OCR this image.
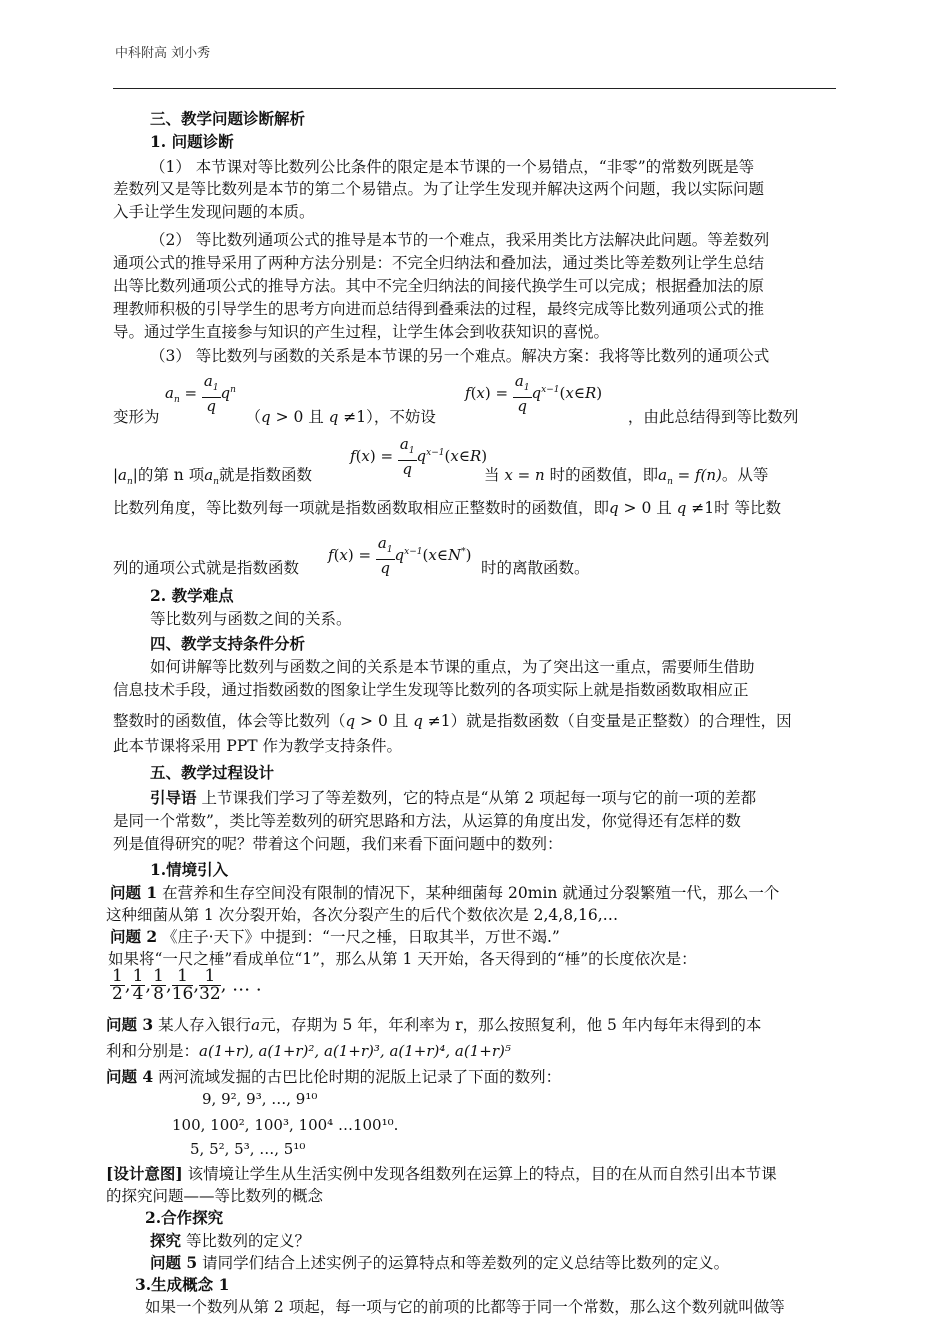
中科附高 刘小秀
三、教学问题诊断解析
1. 问题诊断
（1） 本节课对等比数列公比条件的限定是本节课的一个易错点，“非零”的常数列既是等
差数列又是等比数列是本节的第二个易错点。为了让学生发现并解决这两个问题，我以实际问题
入手让学生发现问题的本质。
（2） 等比数列通项公式的推导是本节的一个难点，我采用类比方法解决此问题。等差数列
通项公式的推导采用了两种方法分别是：不完全归纳法和叠加法，通过类比等差数列让学生总结
出等比数列通项公式的推导方法。其中不完全归纳法的间接代换学生可以完成；根据叠加法的原
理教师积极的引导学生的思考方向进而总结得到叠乘法的过程，最终完成等比数列通项公式的推
导。通过学生直接参与知识的产生过程，让学生体会到收获知识的喜悦。
（3） 等比数列与函数的关系是本节课的另一个难点。解决方案：我将等比数列的通项公式
$a_n = \frac{a_1}{q} q^n$	$f(x) = \frac{a_1}{q}$ $q^{x-1}(x\in R)$
变形为	（q > 0 且 q ≠1），不妨设	，由此总结得到等比数列
$f(x) = \frac{a_1}{q}$ $q^{x-1}(x\in R)$
$|a_n|$的第 n 项$a_n$就是指数函数	当 x = n 时的函数值，即$a_n = f(n)$。从等
比数列角度，等比数列每一项就是指数函数取相应正整数时的函数值，即q > 0 且 q ≠1时 等比数
$f(x) = \frac{a_1}{q}$ $q^{x-1}(x\in N^*)$
列的通项公式就是指数函数	时的离散函数。
2. 教学难点
等比数列与函数之间的关系。
四、教学支持条件分析
如何讲解等比数列与函数之间的关系是本节课的重点，为了突出这一重点，需要师生借助
信息技术手段，通过指数函数的图象让学生发现等比数列的各项实际上就是指数函数取相应正
整数时的函数值，体会等比数列（q > 0 且 q ≠1）就是指数函数（自变量是正整数）的合理性，因
此本节课将采用 PPT 作为教学支持条件。
五、教学过程设计
引导语 上节课我们学习了等差数列，它的特点是“从第 2 项起每一项与它的前一项的差都
是同一个常数”，类比等差数列的研究思路和方法，从运算的角度出发，你觉得还有怎样的数
列是值得研究的呢？带着这个问题，我们来看下面问题中的数列：
1.情境引入
问题 1 在营养和生存空间没有限制的情况下，某种细菌每 20min 就通过分裂繁殖一代，那么一个
这种细菌从第 1 次分裂开始，各次分裂产生的后代个数依次是 2,4,8,16,…
问题 2 《庄子·天下》中提到：“一尺之棰，日取其半，万世不竭.”
如果将“一尺之棰”看成单位“1”，那么从第 1 天开始，各天得到的“棰”的长度依次是：
$\frac{1}{2}$ , $\frac{1}{4}$ , $\frac{1}{8}$ , $\frac{1}{16}$ , $\frac{1}{32}$ , … .
问题 3 某人存入银行a元，存期为 5 年，年利率为 r，那么按照复利，他 5 年内每年末得到的本
利和分别是：a(1+r), a(1+r)², a(1+r)³, a(1+r)⁴, a(1+r)⁵
问题 4 两河流域发掘的古巴比伦时期的泥版上记录了下面的数列：
9, 9², 9³, …, 9¹⁰
100, 100², 100³, 100⁴ …100¹⁰.
5, 5², 5³, …, 5¹⁰
[设计意图] 该情境让学生从生活实例中发现各组数列在运算上的特点，目的在从而自然引出本节课
的探究问题——等比数列的概念
2.合作探究
探究 等比数列的定义？
问题 5 请同学们结合上述实例子的运算特点和等差数列的定义总结等比数列的定义。
3.生成概念 1
如果一个数列从第 2 项起，每一项与它的前项的比都等于同一个常数，那么这个数列就叫做等
